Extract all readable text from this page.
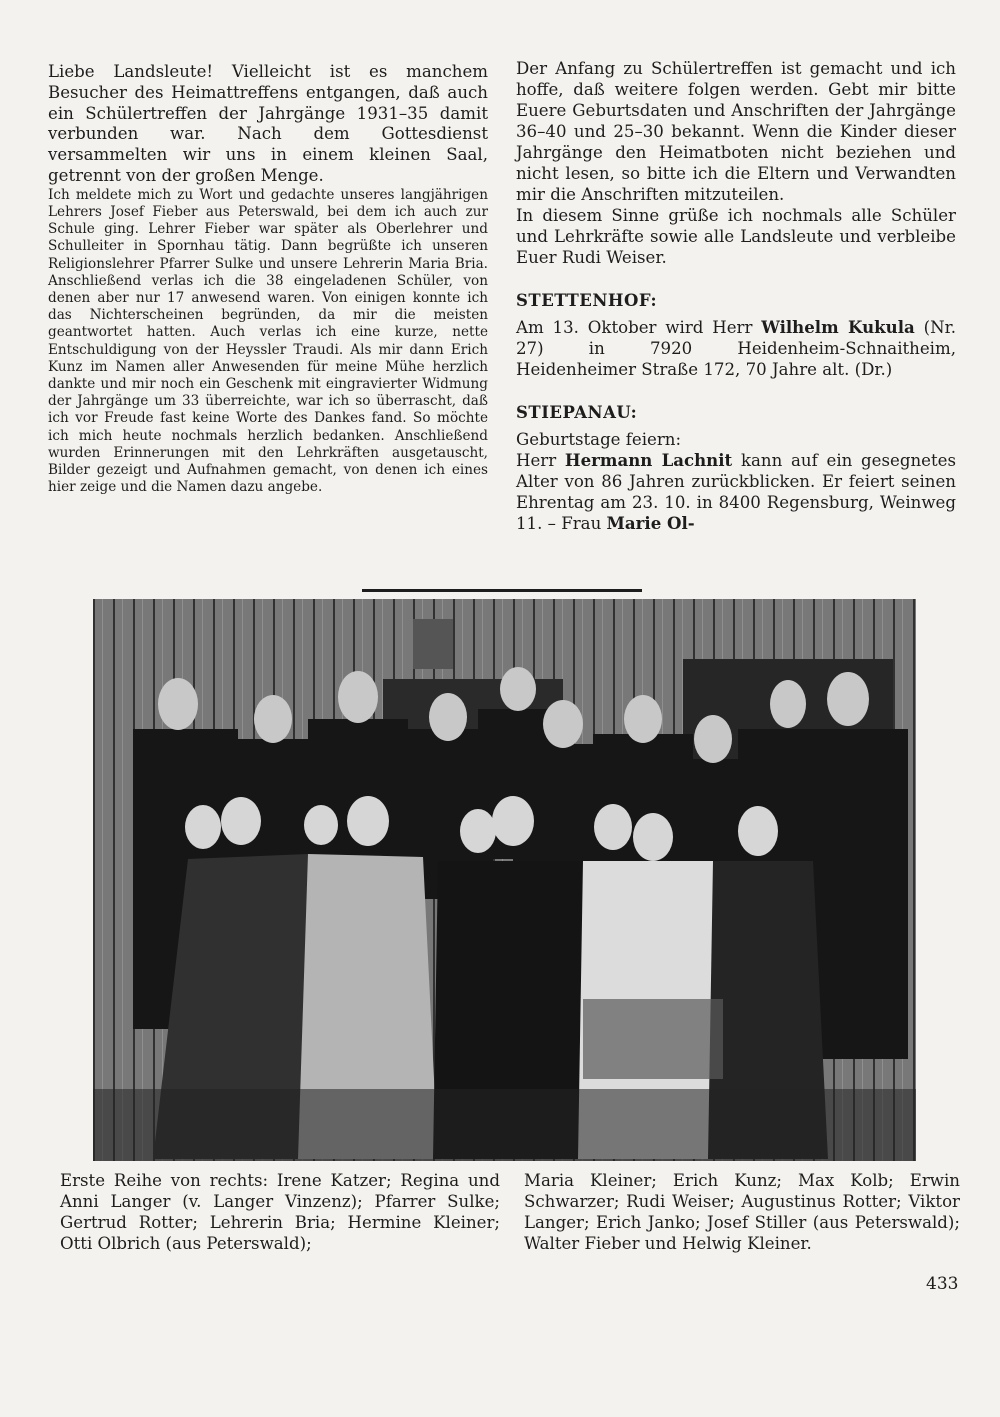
Liebe Landsleute! Vielleicht ist es manchem Besucher des Heimattreffens entgangen, daß auch ein Schülertreffen der Jahrgänge 1931–35 damit verbunden war. Nach dem Gottesdienst versammelten wir uns in einem kleinen Saal, getrennt von der großen Menge.

Ich meldete mich zu Wort und gedachte unseres langjährigen Lehrers Josef Fieber aus Peterswald, bei dem ich auch zur Schule ging. Lehrer Fieber war später als Oberlehrer und Schulleiter in Spornhau tätig. Dann begrüßte ich unseren Religionslehrer Pfarrer Sulke und unsere Lehrerin Maria Bria. Anschließend verlas ich die 38 eingeladenen Schüler, von denen aber nur 17 anwesend waren. Von einigen konnte ich das Nichterscheinen begründen, da mir die meisten geantwortet hatten. Auch verlas ich eine kurze, nette Entschuldigung von der Heyssler Traudi. Als mir dann Erich Kunz im Namen aller Anwesenden für meine Mühe herzlich dankte und mir noch ein Geschenk mit eingravierter Widmung der Jahrgänge um 33 überreichte, war ich so überrascht, daß ich vor Freude fast keine Worte des Dankes fand. So möchte ich mich heute nochmals herzlich bedanken. Anschließend wurden Erinnerungen mit den Lehrkräften ausgetauscht, Bilder gezeigt und Aufnahmen gemacht, von denen ich eines hier zeige und die Namen dazu angebe.

Der Anfang zu Schülertreffen ist gemacht und ich hoffe, daß weitere folgen werden. Gebt mir bitte Euere Geburtsdaten und Anschriften der Jahrgänge 36–40 und 25–30 bekannt. Wenn die Kinder dieser Jahrgänge den Heimatboten nicht beziehen und nicht lesen, so bitte ich die Eltern und Verwandten mir die Anschriften mitzuteilen.

In diesem Sinne grüße ich nochmals alle Schüler und Lehrkräfte sowie alle Landsleute und verbleibe Euer Rudi Weiser.

STETTENHOF:

Am 13. Oktober wird Herr Wilhelm Kukula (Nr. 27) in 7920 Heidenheim-Schnaitheim, Heidenheimer Straße 172, 70 Jahre alt. (Dr.)

STIEPANAU:

Geburtstage feiern:

Herr Hermann Lachnit kann auf ein gesegnetes Alter von 86 Jahren zurückblicken. Er feiert seinen Ehrentag am 23. 10. in 8400 Regensburg, Weinweg 11. – Frau Marie Ol-

Erste Reihe von rechts: Irene Katzer; Regina und Anni Langer (v. Langer Vinzenz); Pfarrer Sulke; Gertrud Rotter; Lehrerin Bria; Hermine Kleiner; Otti Olbrich (aus Peterswald);
Maria Kleiner; Erich Kunz; Max Kolb; Erwin Schwarzer; Rudi Weiser; Augustinus Rotter; Viktor Langer; Erich Janko; Josef Stiller (aus Peterswald); Walter Fieber und Helwig Kleiner.
433
